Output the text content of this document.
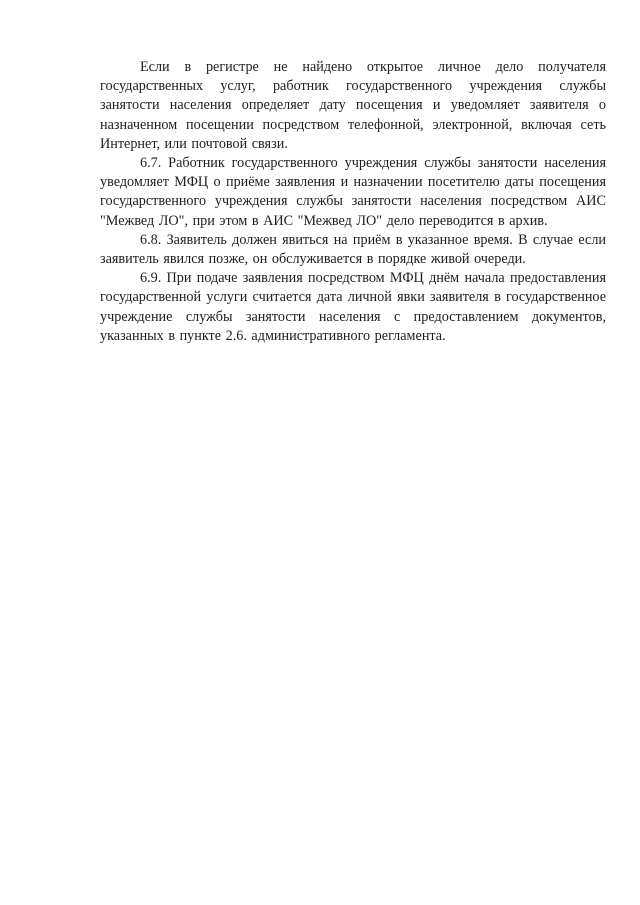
Если в регистре не найдено открытое личное дело получателя государственных услуг, работник государственного учреждения службы занятости населения определяет дату посещения и уведомляет заявителя о назначенном посещении посредством телефонной, электронной, включая сеть Интернет, или почтовой связи.

6.7. Работник государственного учреждения службы занятости населения уведомляет МФЦ о приёме заявления и назначении посетителю даты посещения государственного учреждения службы занятости населения посредством АИС "Межвед ЛО", при этом в АИС "Межвед ЛО" дело переводится в архив.

6.8. Заявитель должен явиться на приём в указанное время. В случае если заявитель явился позже, он обслуживается в порядке живой очереди.

6.9. При подаче заявления посредством МФЦ днём начала предоставления государственной услуги считается дата личной явки заявителя в государственное учреждение службы занятости населения с предоставлением документов, указанных в пункте 2.6. административного регламента.
